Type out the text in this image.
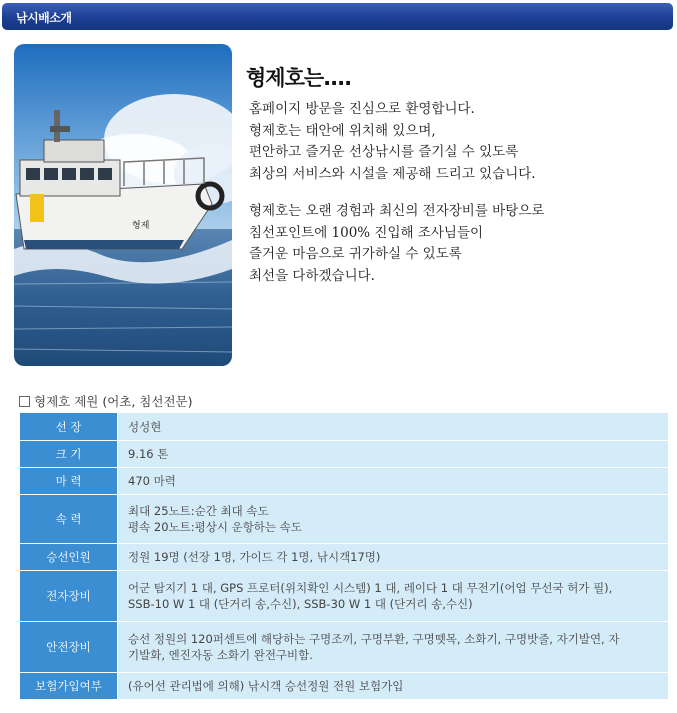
낚시배소개
형제
형제호는....
홈페이지 방문을 진심으로 환영합니다.
형제호는 태안에 위치해 있으며,
편안하고 즐거운 선상낚시를 즐기실 수 있도록
최상의 서비스와 시설을 제공해 드리고 있습니다.
형제호는 오랜 경험과 최신의 전자장비를 바탕으로
침선포인트에 100% 진입해 조사님들이
즐거운 마음으로 귀가하실 수 있도록
최선을 다하겠습니다.
형제호 제원 (어초, 침선전문)
선 장	성성현

크 기	9.16 톤

마 력	470 마력

속 력	최대 25노트:순간 최대 속도
평속 20노트:평상시 운항하는 속도

승선인원	정원 19명 (선장 1명, 가이드 각 1명, 낚시객17명)

전자장비	어군 탐지기 1 대, GPS 프로터(위치확인 시스템) 1 대, 레이다 1 대 무전기(어업 무선국 허가 필),
SSB-10 W 1 대 (단거리 송,수신), SSB-30 W 1 대 (단거리 송,수신)

안전장비	승선 정원의 120퍼센트에 해당하는 구명조끼, 구명부환, 구명뗏목, 소화기, 구명밧줄, 자기발연, 자
기발화, 엔진자동 소화기 완전구비함.

보험가입여부	(유어선 관리법에 의해) 낚시객 승선정원 전원 보험가입
